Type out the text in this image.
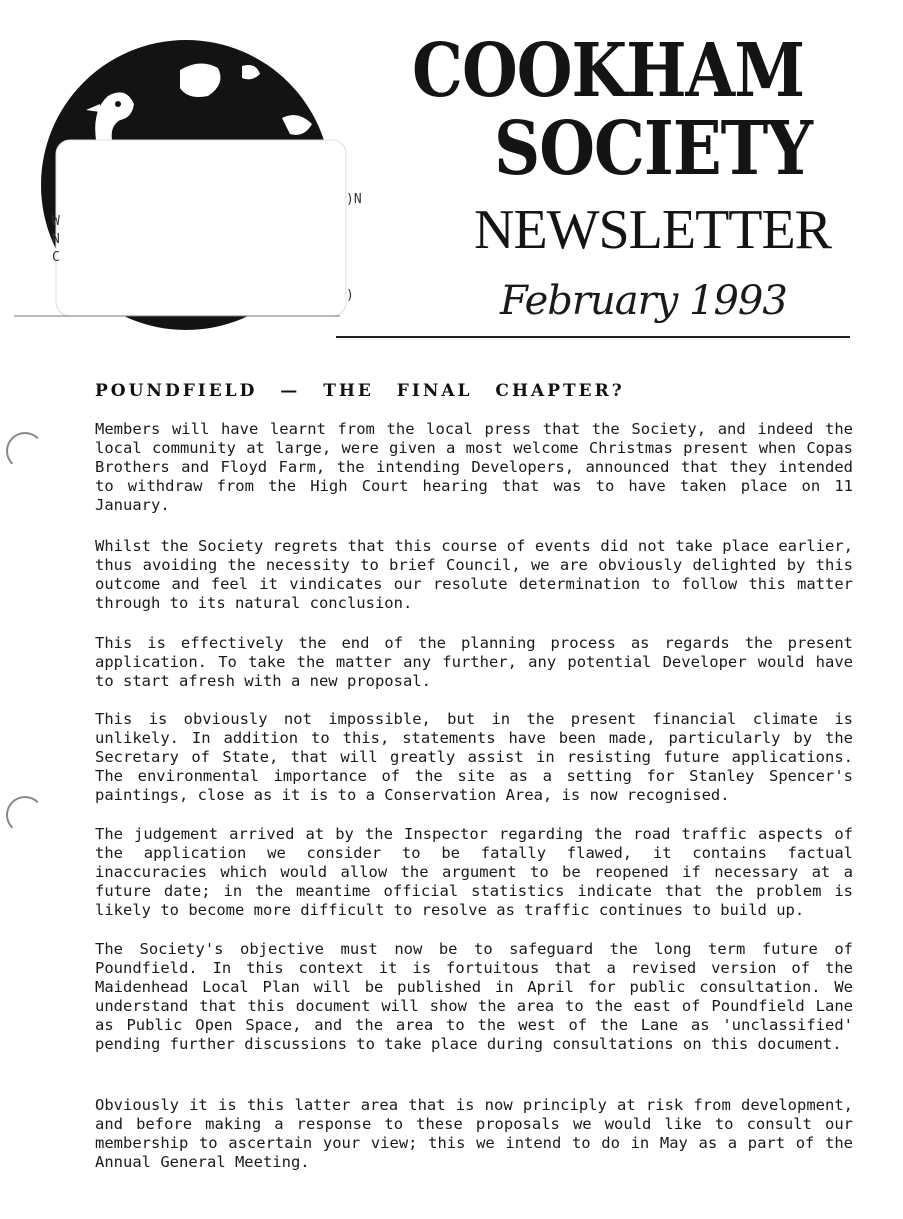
W
N
C
)N
)
COOKHAM
SOCIETY
NEWSLETTER
February 1993
POUNDFIELD — THE FINAL CHAPTER?

Members will have learnt from the local press that the Society, and indeed the local community at large, were given a most welcome Christmas present when Copas Brothers and Floyd Farm, the intending Developers, announced that they intended to withdraw from the High Court hearing that was to have taken place on 11 January.

Whilst the Society regrets that this course of events did not take place earlier, thus avoiding the necessity to brief Council, we are obviously delighted by this outcome and feel it vindicates our resolute determination to follow this matter through to its natural conclusion.

This is effectively the end of the planning process as regards the present application. To take the matter any further, any potential Developer would have to start afresh with a new proposal.

This is obviously not impossible, but in the present financial climate is unlikely. In addition to this, statements have been made, particularly by the Secretary of State, that will greatly assist in resisting future applications. The environmental importance of the site as a setting for Stanley Spencer's paintings, close as it is to a Conservation Area, is now recognised.

The judgement arrived at by the Inspector regarding the road traffic aspects of the application we consider to be fatally flawed, it contains factual inaccuracies which would allow the argument to be reopened if necessary at a future date; in the meantime official statistics indicate that the problem is likely to become more difficult to resolve as traffic continues to build up.

The Society's objective must now be to safeguard the long term future of Poundfield. In this context it is fortuitous that a revised version of the Maidenhead Local Plan will be published in April for public consultation. We understand that this document will show the area to the east of Poundfield Lane as Public Open Space, and the area to the west of the Lane as 'unclassified' pending further discussions to take place during consultations on this document.

Obviously it is this latter area that is now principly at risk from development, and before making a response to these proposals we would like to consult our membership to ascertain your view; this we intend to do in May as a part of the Annual General Meeting.
